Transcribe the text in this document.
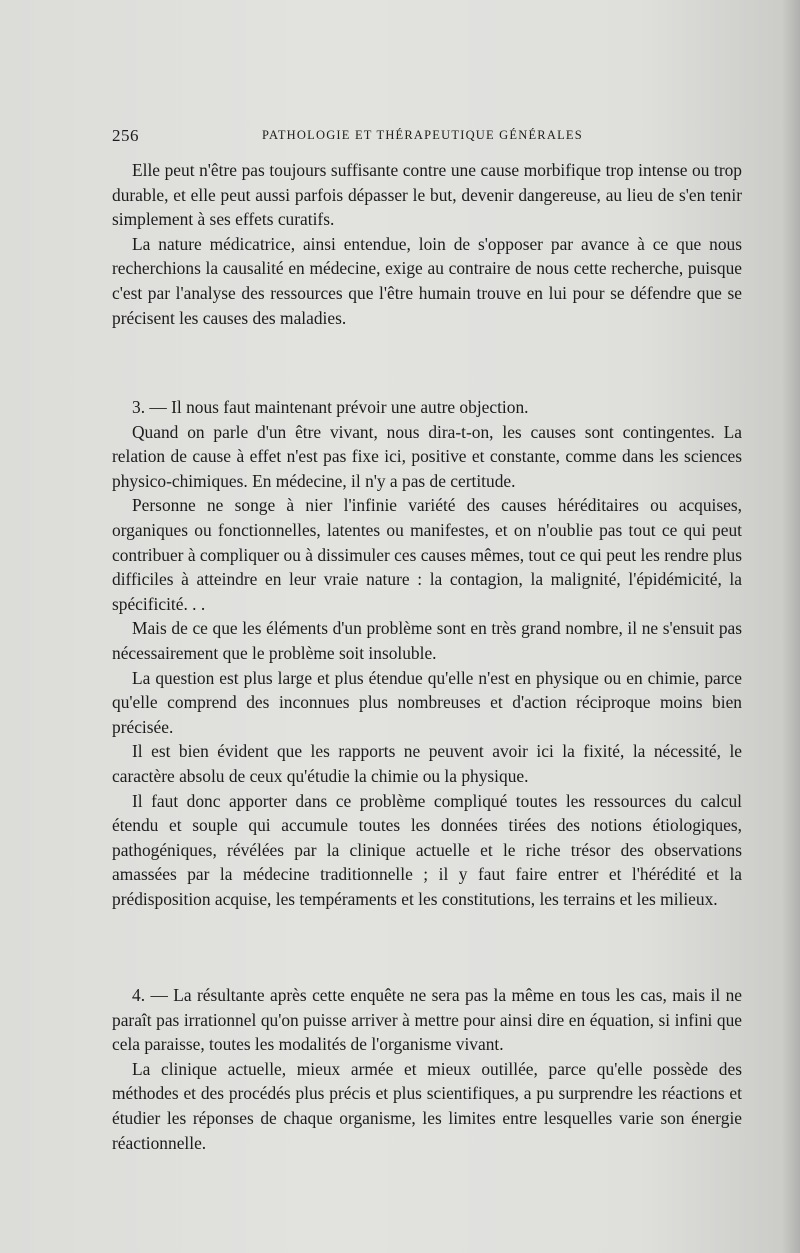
256	PATHOLOGIE ET THÉRAPEUTIQUE GÉNÉRALES

Elle peut n'être pas toujours suffisante contre une cause morbifique trop intense ou trop durable, et elle peut aussi parfois dépasser le but, devenir dangereuse, au lieu de s'en tenir simplement à ses effets curatifs.

La nature médicatrice, ainsi entendue, loin de s'opposer par avance à ce que nous recherchions la causalité en médecine, exige au contraire de nous cette recherche, puisque c'est par l'analyse des ressources que l'être humain trouve en lui pour se défendre que se précisent les causes des maladies.

3. — Il nous faut maintenant prévoir une autre objection.

Quand on parle d'un être vivant, nous dira-t-on, les causes sont contingentes. La relation de cause à effet n'est pas fixe ici, positive et constante, comme dans les sciences physico-chimiques. En médecine, il n'y a pas de certitude.

Personne ne songe à nier l'infinie variété des causes héréditaires ou acquises, organiques ou fonctionnelles, latentes ou manifestes, et on n'oublie pas tout ce qui peut contribuer à compliquer ou à dissimuler ces causes mêmes, tout ce qui peut les rendre plus difficiles à atteindre en leur vraie nature : la contagion, la malignité, l'épidémicité, la spécificité. . .

Mais de ce que les éléments d'un problème sont en très grand nombre, il ne s'ensuit pas nécessairement que le problème soit insoluble.

La question est plus large et plus étendue qu'elle n'est en physique ou en chimie, parce qu'elle comprend des inconnues plus nombreuses et d'action réciproque moins bien précisée.

Il est bien évident que les rapports ne peuvent avoir ici la fixité, la nécessité, le caractère absolu de ceux qu'étudie la chimie ou la physique.

Il faut donc apporter dans ce problème compliqué toutes les ressources du calcul étendu et souple qui accumule toutes les données tirées des notions étiologiques, pathogéniques, révélées par la clinique actuelle et le riche trésor des observations amassées par la médecine traditionnelle ; il y faut faire entrer et l'hérédité et la prédisposition acquise, les tempéraments et les constitutions, les terrains et les milieux.

4. — La résultante après cette enquête ne sera pas la même en tous les cas, mais il ne paraît pas irrationnel qu'on puisse arriver à mettre pour ainsi dire en équation, si infini que cela paraisse, toutes les modalités de l'organisme vivant.

La clinique actuelle, mieux armée et mieux outillée, parce qu'elle possède des méthodes et des procédés plus précis et plus scientifiques, a pu surprendre les réactions et étudier les réponses de chaque organisme, les limites entre lesquelles varie son énergie réactionnelle.
